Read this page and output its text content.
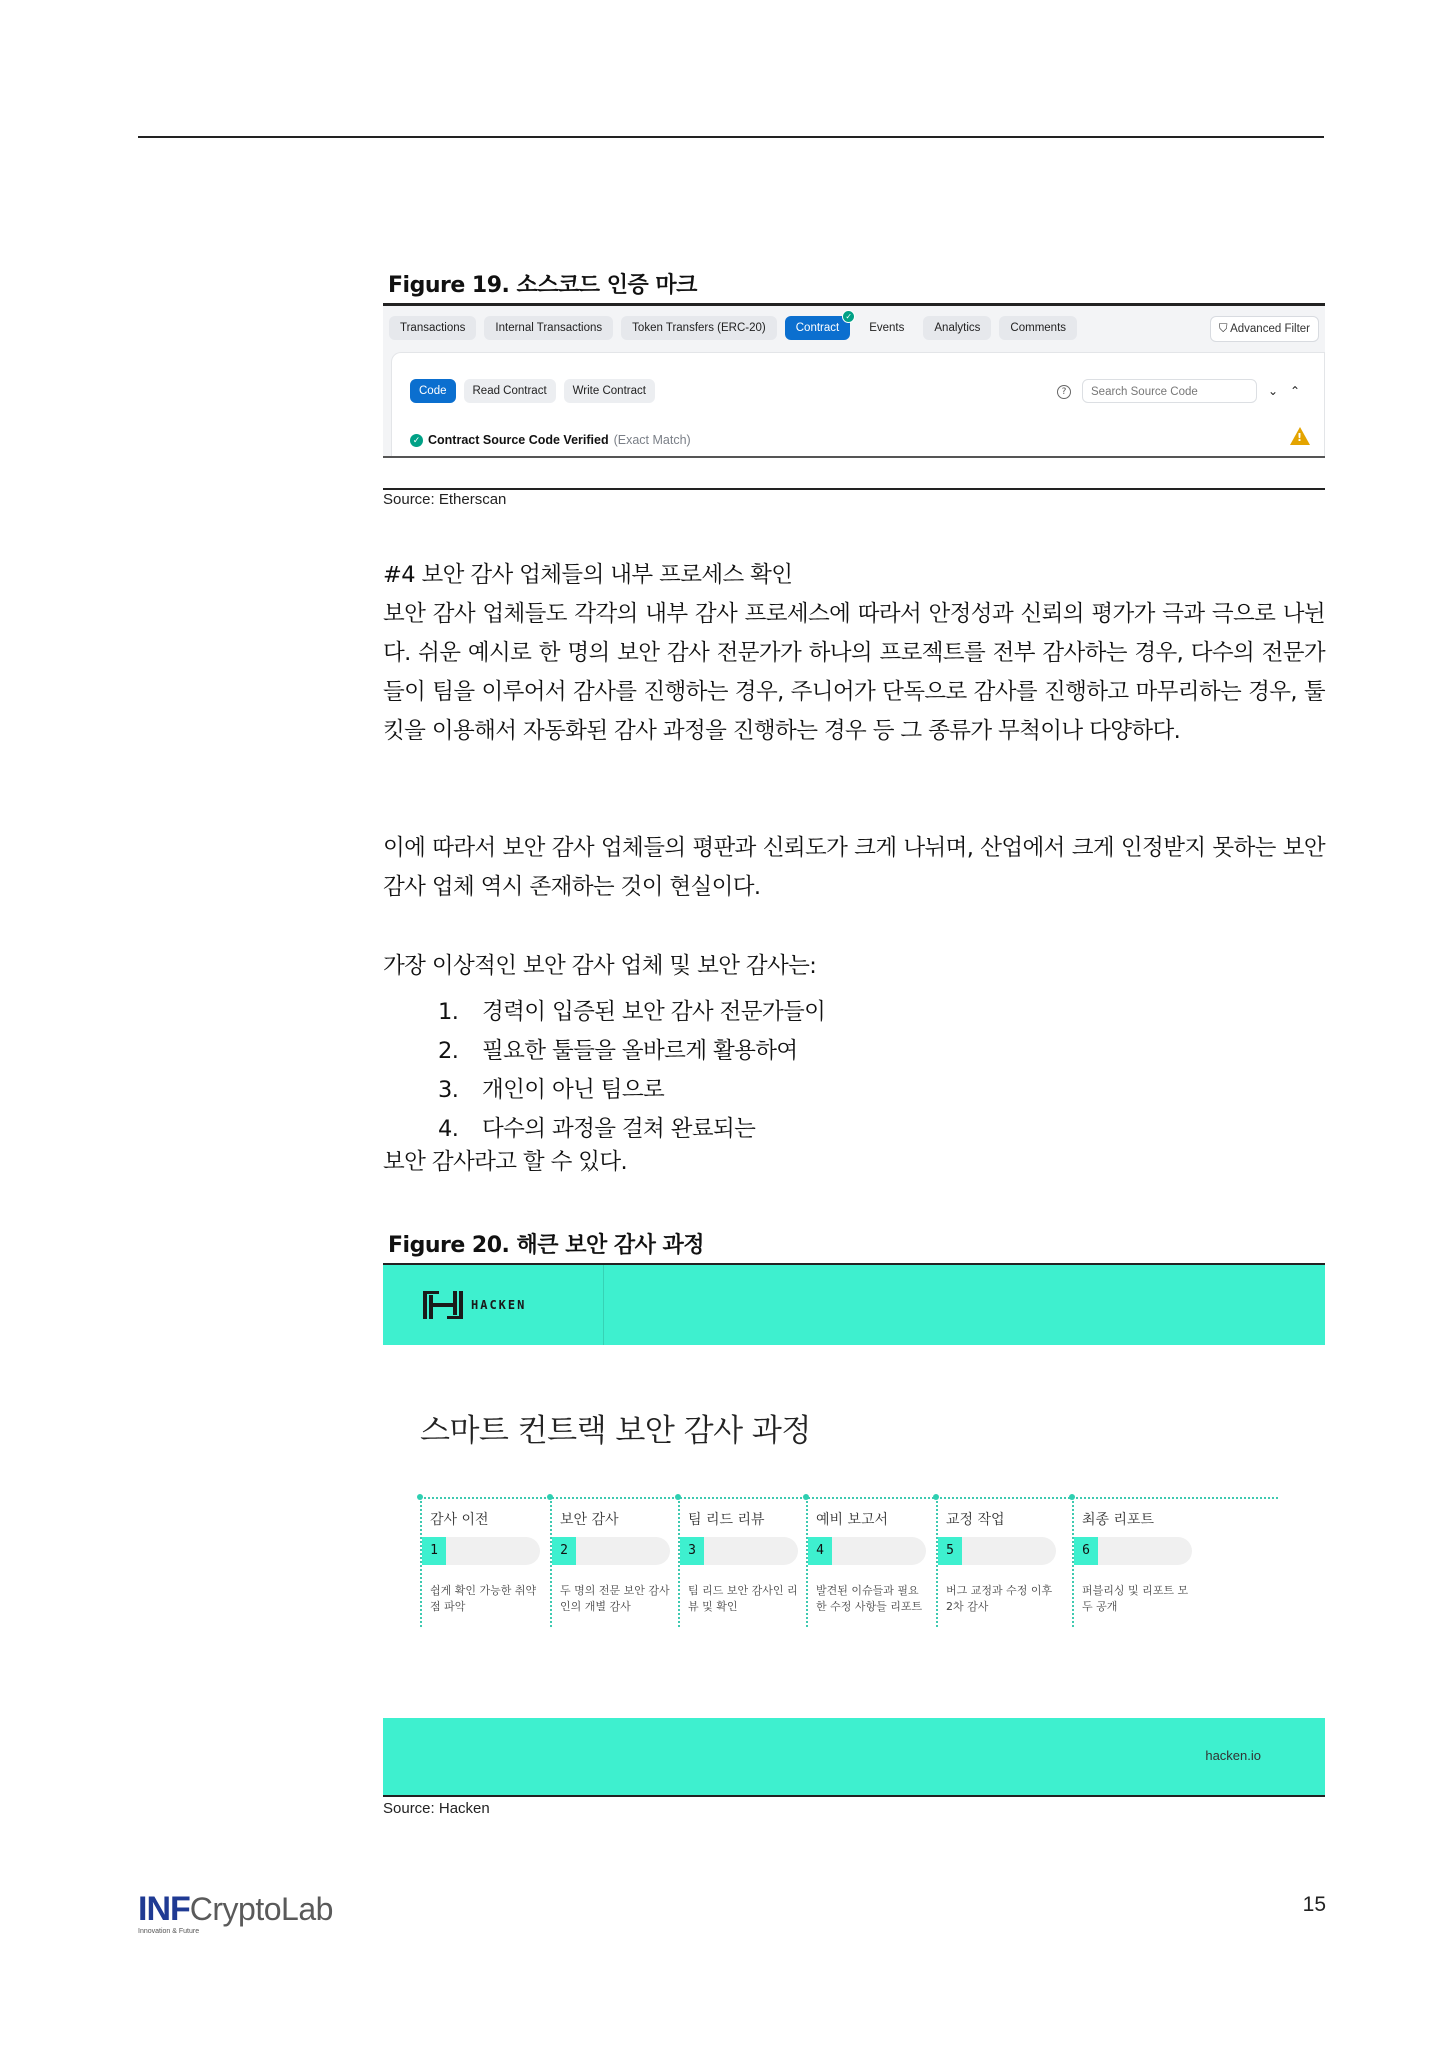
Figure 19. 소스코드 인증 마크
Transactions	Internal Transactions	Token Transfers (ERC-20)	Contract
✓
Events	Analytics	Comments	⛉ Advanced Filter
Code	Read Contract	Write Contract	?	Search Source Code	⌄ ⌃
✓ Contract Source Code Verified (Exact Match)	!
Source: Etherscan
#4 보안 감사 업체들의 내부 프로세스 확인

보안 감사 업체들도 각각의 내부 감사 프로세스에 따라서 안정성과 신뢰의 평가가 극과 극으로 나뉜다. 쉬운 예시로 한 명의 보안 감사 전문가가 하나의 프로젝트를 전부 감사하는 경우, 다수의 전문가들이 팀을 이루어서 감사를 진행하는 경우, 주니어가 단독으로 감사를 진행하고 마무리하는 경우, 툴킷을 이용해서 자동화된 감사 과정을 진행하는 경우 등 그 종류가 무척이나 다양하다.

이에 따라서 보안 감사 업체들의 평판과 신뢰도가 크게 나뉘며, 산업에서 크게 인정받지 못하는 보안 감사 업체 역시 존재하는 것이 현실이다.

가장 이상적인 보안 감사 업체 및 보안 감사는:
1. 경력이 입증된 보안 감사 전문가들이
2. 필요한 툴들을 올바르게 활용하여
3. 개인이 아닌 팀으로
4. 다수의 과정을 걸쳐 완료되는
보안 감사라고 할 수 있다.
Figure 20. 해큰 보안 감사 과정
HACKEN
스마트 컨트랙 보안 감사 과정
감사 이전
1
쉽게 확인 가능한 취약점 파악
보안 감사
2
두 명의 전문 보안 감사인의 개별 감사
팀 리드 리뷰
3
팀 리드 보안 감사인 리뷰 및 확인
예비 보고서
4
발견된 이슈들과 필요한 수정 사항들 리포트
교정 작업
5
버그 교정과 수정 이후 2차 감사
최종 리포트
6
퍼블리싱 및 리포트 모두 공개
hacken.io
Source: Hacken
INFCryptoLab
Innovation & Future
15
